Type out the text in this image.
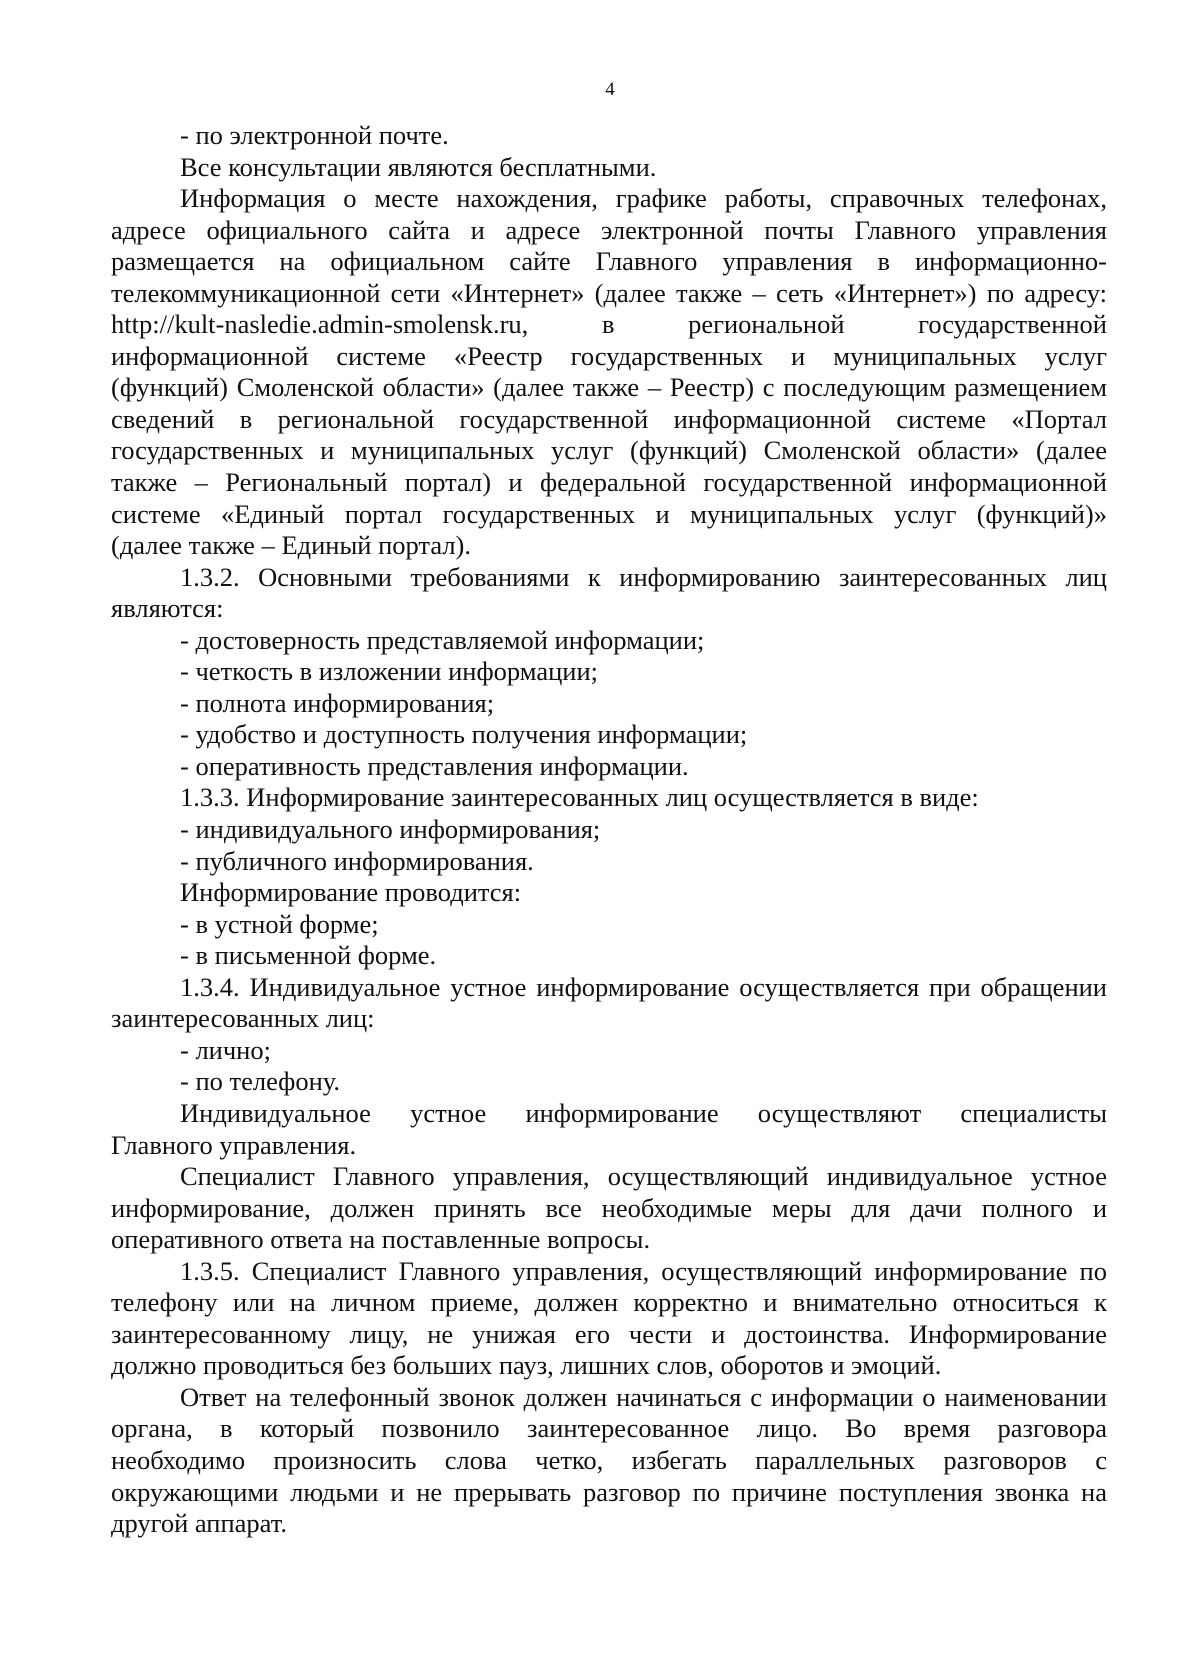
4
- по электронной почте.
Все консультации являются бесплатными.
Информация о месте нахождения, графике работы, справочных телефонах,
адресе официального сайта и адресе электронной почты Главного управления
размещается на официальном сайте Главного управления в информационно-
телекоммуникационной сети «Интернет» (далее также – сеть «Интернет») по адресу:
http://kult-nasledie.admin-smolensk.ru, в региональной государственной
информационной системе «Реестр государственных и муниципальных услуг
(функций) Смоленской области» (далее также – Реестр) с последующим размещением
сведений в региональной государственной информационной системе «Портал
государственных и муниципальных услуг (функций) Смоленской области» (далее
также – Региональный портал) и федеральной государственной информационной
системе «Единый портал государственных и муниципальных услуг (функций)»
(далее также – Единый портал).
1.3.2. Основными требованиями к информированию заинтересованных лиц
являются:
- достоверность представляемой информации;
- четкость в изложении информации;
- полнота информирования;
- удобство и доступность получения информации;
- оперативность представления информации.
1.3.3. Информирование заинтересованных лиц осуществляется в виде:
- индивидуального информирования;
- публичного информирования.
Информирование проводится:
- в устной форме;
- в письменной форме.
1.3.4. Индивидуальное устное информирование осуществляется при обращении
заинтересованных лиц:
- лично;
- по телефону.
Индивидуальное устное информирование осуществляют специалисты
Главного управления.
Специалист Главного управления, осуществляющий индивидуальное устное
информирование, должен принять все необходимые меры для дачи полного и
оперативного ответа на поставленные вопросы.
1.3.5. Специалист Главного управления, осуществляющий информирование по
телефону или на личном приеме, должен корректно и внимательно относиться к
заинтересованному лицу, не унижая его чести и достоинства. Информирование
должно проводиться без больших пауз, лишних слов, оборотов и эмоций.
Ответ на телефонный звонок должен начинаться с информации о наименовании
органа, в который позвонило заинтересованное лицо. Во время разговора
необходимо произносить слова четко, избегать параллельных разговоров с
окружающими людьми и не прерывать разговор по причине поступления звонка на
другой аппарат.
